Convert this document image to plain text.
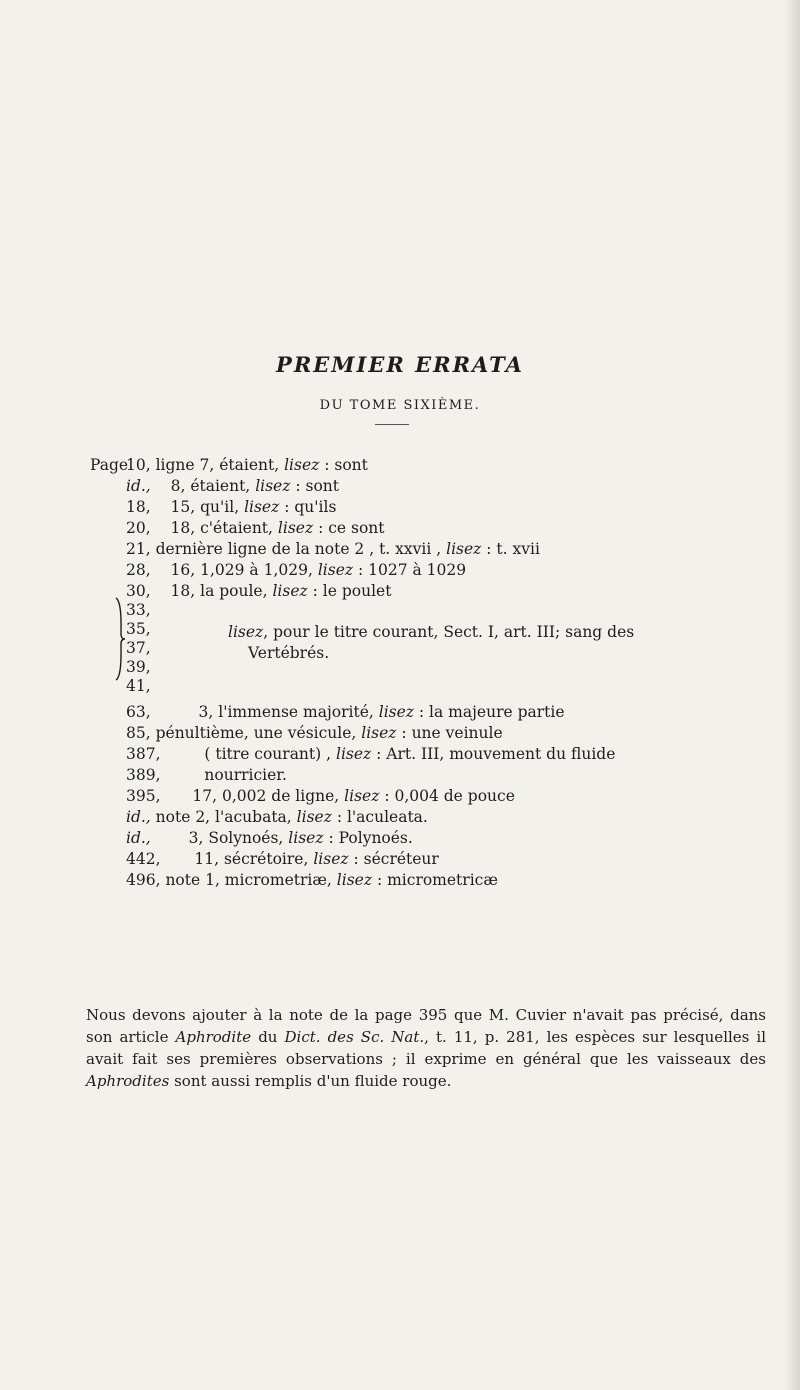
PREMIER ERRATA
DU TOME SIXIÈME.
Page
10, ligne 7, étaient, lisez : sont
id., 8, étaient, lisez : sont
18, 15, qu'il, lisez : qu'ils
20, 18, c'étaient, lisez : ce sont
21, dernière ligne de la note 2 , t. xxvii , lisez : t. xvii
28, 16, 1,029 à 1,029, lisez : 1027 à 1029
30, 18, la poule, lisez : le poulet
33,
35,
37,
39,
41,
lisez, pour le titre courant, Sect. I, art. III; sang des
Vertébrés.
63,	3, l'immense majorité, lisez : la majeure partie
85, pénultième, une vésicule, lisez : une veinule
387,	( titre courant) , lisez : Art. III, mouvement du fluide
389,	nourricier.
395, 17, 0,002 de ligne, lisez : 0,004 de pouce
id., note 2, l'acubata, lisez : l'aculeata.
id., 3, Solynoés, lisez : Polynoés.
442, 11, sécrétoire, lisez : sécréteur
496, note 1, micrometriæ, lisez : micrometricæ
Nous devons ajouter à la note de la page 395 que M. Cuvier n'avait pas précisé, dans son article Aphrodite du Dict. des Sc. Nat., t. 11, p. 281, les espèces sur lesquelles il avait fait ses premières observations ; il exprime en général que les vaisseaux des Aphrodites sont aussi remplis d'un fluide rouge.
